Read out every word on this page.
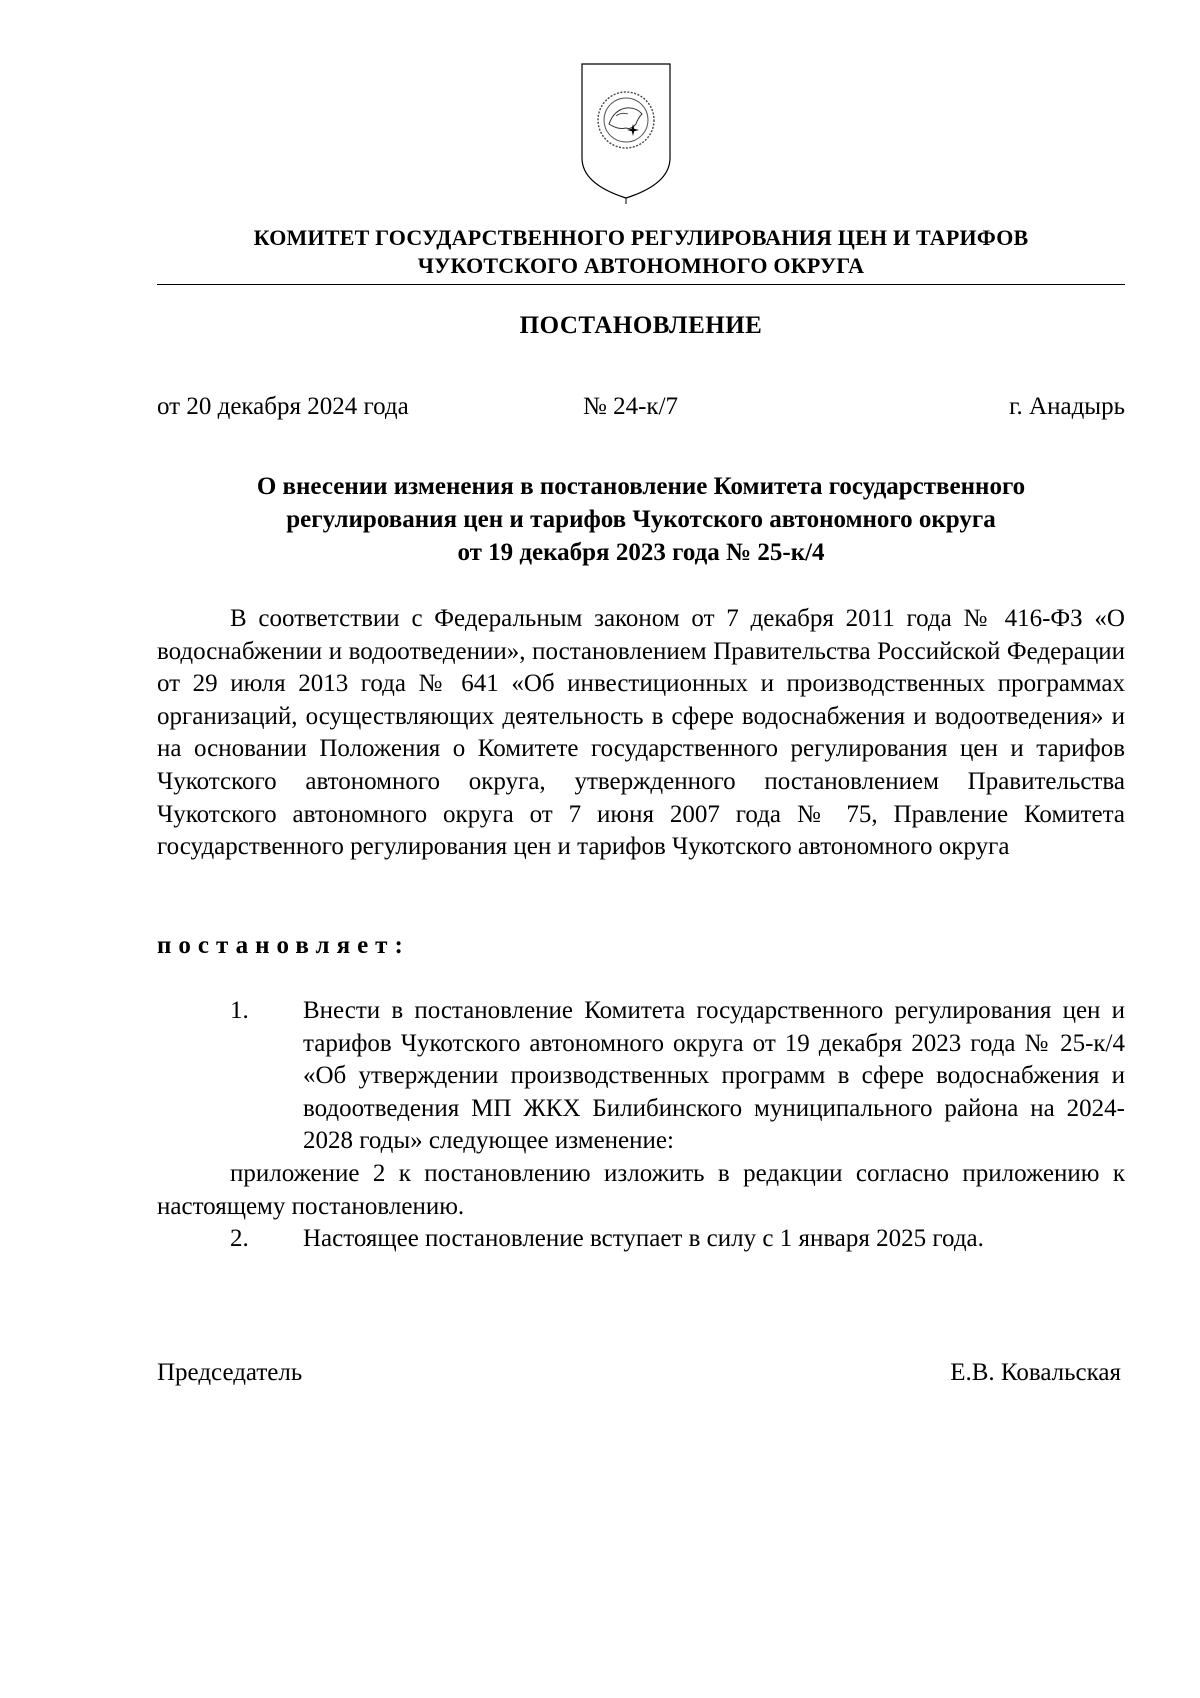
КОМИТЕТ ГОСУДАРСТВЕННОГО РЕГУЛИРОВАНИЯ ЦЕН И ТАРИФОВ
ЧУКОТСКОГО АВТОНОМНОГО ОКРУГА
ПОСТАНОВЛЕНИЕ
от 20 декабря 2024 года	№ 24-к/7	г. Анадырь
О внесении изменения в постановление Комитета государственного
регулирования цен и тарифов Чукотского автономного округа
от 19 декабря 2023 года № 25-к/4

В соответствии с Федеральным законом от 7 декабря 2011 года № 416-ФЗ «О водоснабжении и водоотведении», постановлением Правительства Российской Федерации от 29 июля 2013 года № 641 «Об инвестиционных и производственных программах организаций, осуществляющих деятельность в сфере водоснабжения и водоотведения» и на основании Положения о Комитете государственного регулирования цен и тарифов Чукотского автономного округа, утвержденного постановлением Правительства Чукотского автономного округа от 7 июня 2007 года № 75, Правление Комитета государственного регулирования цен и тарифов Чукотского автономного округа

постановляет:
1.	Внести в постановление Комитета государственного регулирования цен и тарифов Чукотского автономного округа от 19 декабря 2023 года № 25-к/4 «Об утверждении производственных программ в сфере водоснабжения и водоотведения МП ЖКХ Билибинского муниципального района на 2024-2028 годы» следующее изменение:

приложение 2 к постановлению изложить в редакции согласно приложению к настоящему постановлению.

2.	Настоящее постановление вступает в силу с 1 января 2025 года.
Председатель	Е.В. Ковальская
